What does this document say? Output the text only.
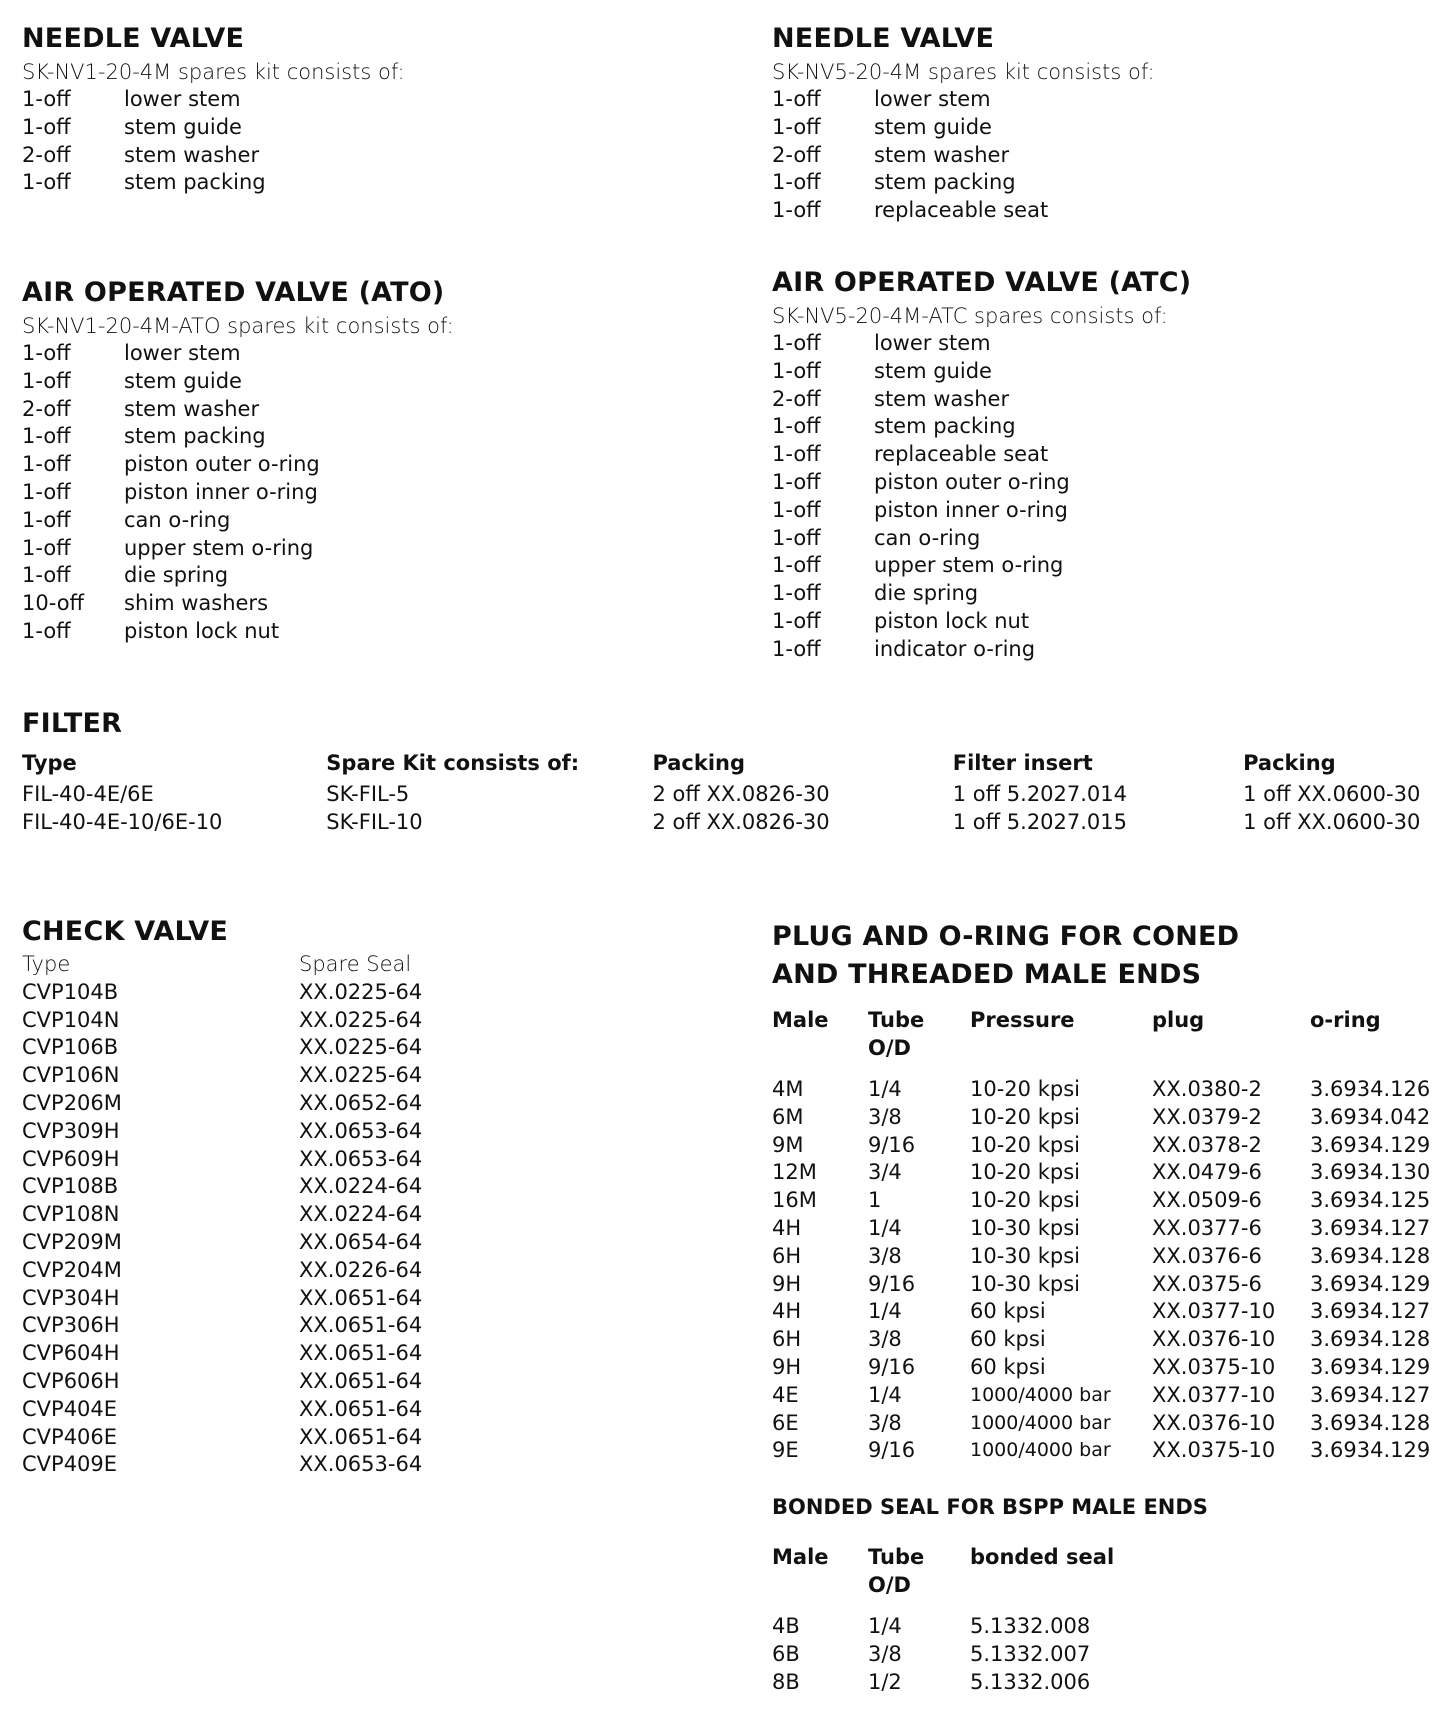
NEEDLE VALVE
SK-NV1-20-4M spares kit consists of:
1-off	lower stem
1-off	stem guide
2-off	stem washer
1-off	stem packing
NEEDLE VALVE
SK-NV5-20-4M spares kit consists of:
1-off	lower stem
1-off	stem guide
2-off	stem washer
1-off	stem packing
1-off	replaceable seat
AIR OPERATED VALVE (ATO)
SK-NV1-20-4M-ATO spares kit consists of:
1-off	lower stem
1-off	stem guide
2-off	stem washer
1-off	stem packing
1-off	piston outer o-ring
1-off	piston inner o-ring
1-off	can o-ring
1-off	upper stem o-ring
1-off	die spring
10-off	shim washers
1-off	piston lock nut
AIR OPERATED VALVE (ATC)
SK-NV5-20-4M-ATC spares consists of:
1-off	lower stem
1-off	stem guide
2-off	stem washer
1-off	stem packing
1-off	replaceable seat
1-off	piston outer o-ring
1-off	piston inner o-ring
1-off	can o-ring
1-off	upper stem o-ring
1-off	die spring
1-off	piston lock nut
1-off	indicator o-ring
FILTER
Type	Spare Kit consists of:	Packing	Filter insert	Packing
FIL-40-4E/6E	SK-FIL-5	2 off XX.0826-30	1 off 5.2027.014	1 off XX.0600-30
FIL-40-4E-10/6E-10	SK-FIL-10	2 off XX.0826-30	1 off 5.2027.015	1 off XX.0600-30
CHECK VALVE
Type	Spare Seal
CVP104B	XX.0225-64
CVP104N	XX.0225-64
CVP106B	XX.0225-64
CVP106N	XX.0225-64
CVP206M	XX.0652-64
CVP309H	XX.0653-64
CVP609H	XX.0653-64
CVP108B	XX.0224-64
CVP108N	XX.0224-64
CVP209M	XX.0654-64
CVP204M	XX.0226-64
CVP304H	XX.0651-64
CVP306H	XX.0651-64
CVP604H	XX.0651-64
CVP606H	XX.0651-64
CVP404E	XX.0651-64
CVP406E	XX.0651-64
CVP409E	XX.0653-64
PLUG AND O-RING FOR CONED
AND THREADED MALE ENDS
Male	Tube	Pressure	plug	o-ring
O/D
4M	1/4	10-20 kpsi	XX.0380-2	3.6934.126
6M	3/8	10-20 kpsi	XX.0379-2	3.6934.042
9M	9/16	10-20 kpsi	XX.0378-2	3.6934.129
12M	3/4	10-20 kpsi	XX.0479-6	3.6934.130
16M	1	10-20 kpsi	XX.0509-6	3.6934.125
4H	1/4	10-30 kpsi	XX.0377-6	3.6934.127
6H	3/8	10-30 kpsi	XX.0376-6	3.6934.128
9H	9/16	10-30 kpsi	XX.0375-6	3.6934.129
4H	1/4	60 kpsi	XX.0377-10	3.6934.127
6H	3/8	60 kpsi	XX.0376-10	3.6934.128
9H	9/16	60 kpsi	XX.0375-10	3.6934.129
4E	1/4	1000/4000 bar	XX.0377-10	3.6934.127
6E	3/8	1000/4000 bar	XX.0376-10	3.6934.128
9E	9/16	1000/4000 bar	XX.0375-10	3.6934.129
BONDED SEAL FOR BSPP MALE ENDS
Male	Tube	bonded seal
O/D
4B	1/4	5.1332.008
6B	3/8	5.1332.007
8B	1/2	5.1332.006
